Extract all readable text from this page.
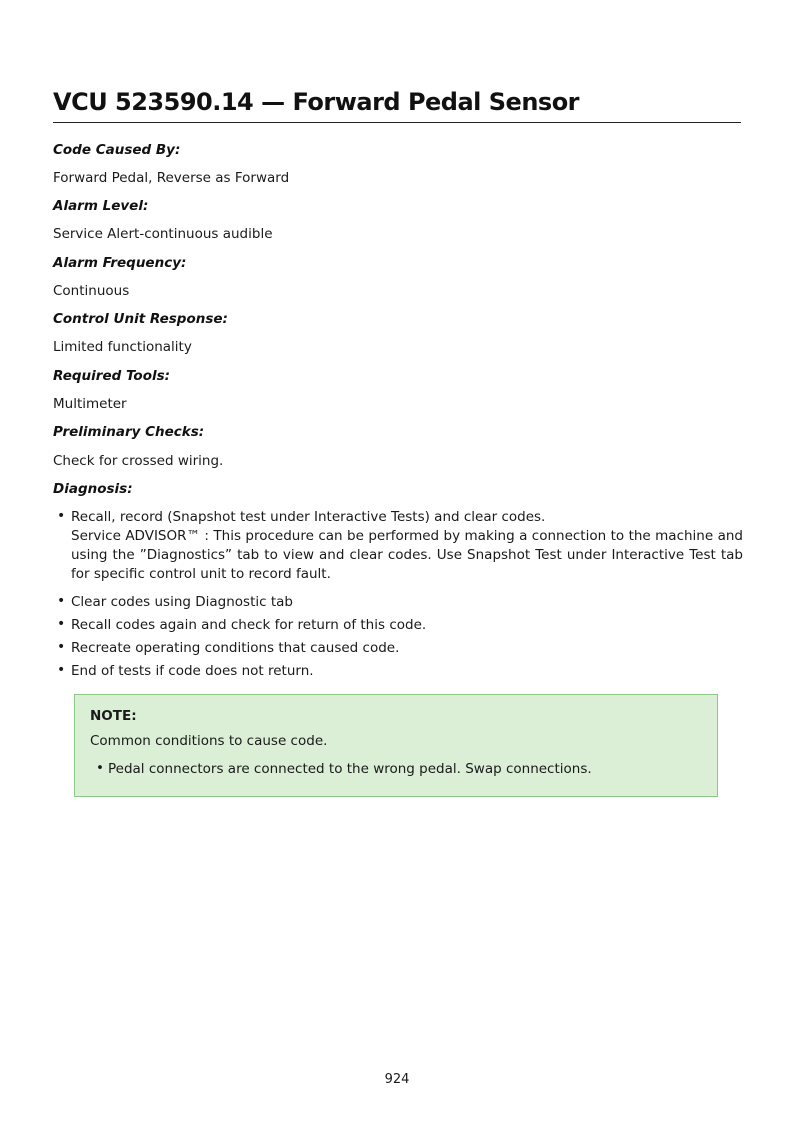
VCU 523590.14 — Forward Pedal Sensor
Code Caused By:
Forward Pedal, Reverse as Forward
Alarm Level:
Service Alert-continuous audible
Alarm Frequency:
Continuous
Control Unit Response:
Limited functionality
Required Tools:
Multimeter
Preliminary Checks:
Check for crossed wiring.
Diagnosis:
• Recall, record (Snapshot test under Interactive Tests) and clear codes.
Service ADVISOR™ : This procedure can be performed by making a connection to the machine and using the ”Diagnostics” tab to view and clear codes. Use Snapshot Test under Interactive Test tab for specific control unit to record fault.
• Clear codes using Diagnostic tab
• Recall codes again and check for return of this code.
• Recreate operating conditions that caused code.
• End of tests if code does not return.
NOTE:
Common conditions to cause code.
• Pedal connectors are connected to the wrong pedal. Swap connections.
924
